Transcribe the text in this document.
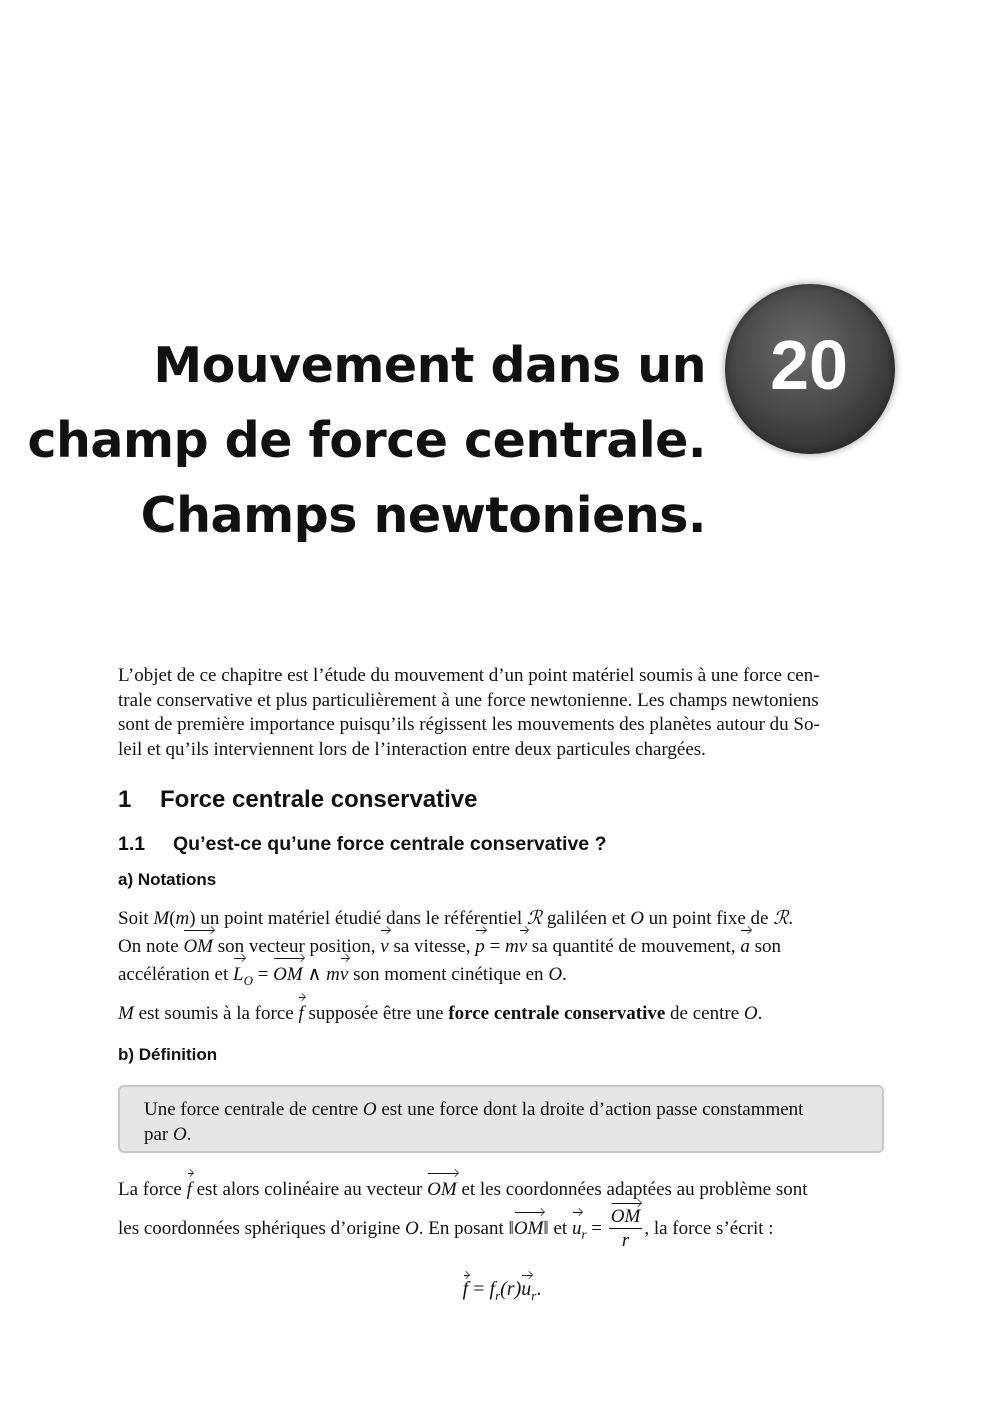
Mouvement dans un
champ de force centrale.
Champs newtoniens.
20
L’objet de ce chapitre est l’étude du mouvement d’un point matériel soumis à une force cen-
trale conservative et plus particulièrement à une force newtonienne. Les champs newtoniens
sont de première importance puisqu’ils régissent les mouvements des planètes autour du So-
leil et qu’ils interviennent lors de l’interaction entre deux particules chargées.
1 Force centrale conservative
1.1 Qu’est-ce qu’une force centrale conservative ?
a) Notations
Soit M(m) un point matériel étudié dans le référentiel ℛ galiléen et O un point fixe de ℛ.
On note OM son vecteur position, v sa vitesse, p = mv sa quantité de mouvement, a son
accélération et $L_O$ = OM ∧ mv son moment cinétique en O.
M est soumis à la force f supposée être une force centrale conservative de centre O.
b) Définition
Une force centrale de centre O est une force dont la droite d’action passe constamment
par O.
La force f est alors colinéaire au vecteur OM et les coordonnées adaptées au problème sont
les coordonnées sphériques d’origine O. En posant ‖OM‖ et $u_r = \frac{OM}{r}$ , la force s’écrit :
$f = f_r(r)u_r$.
